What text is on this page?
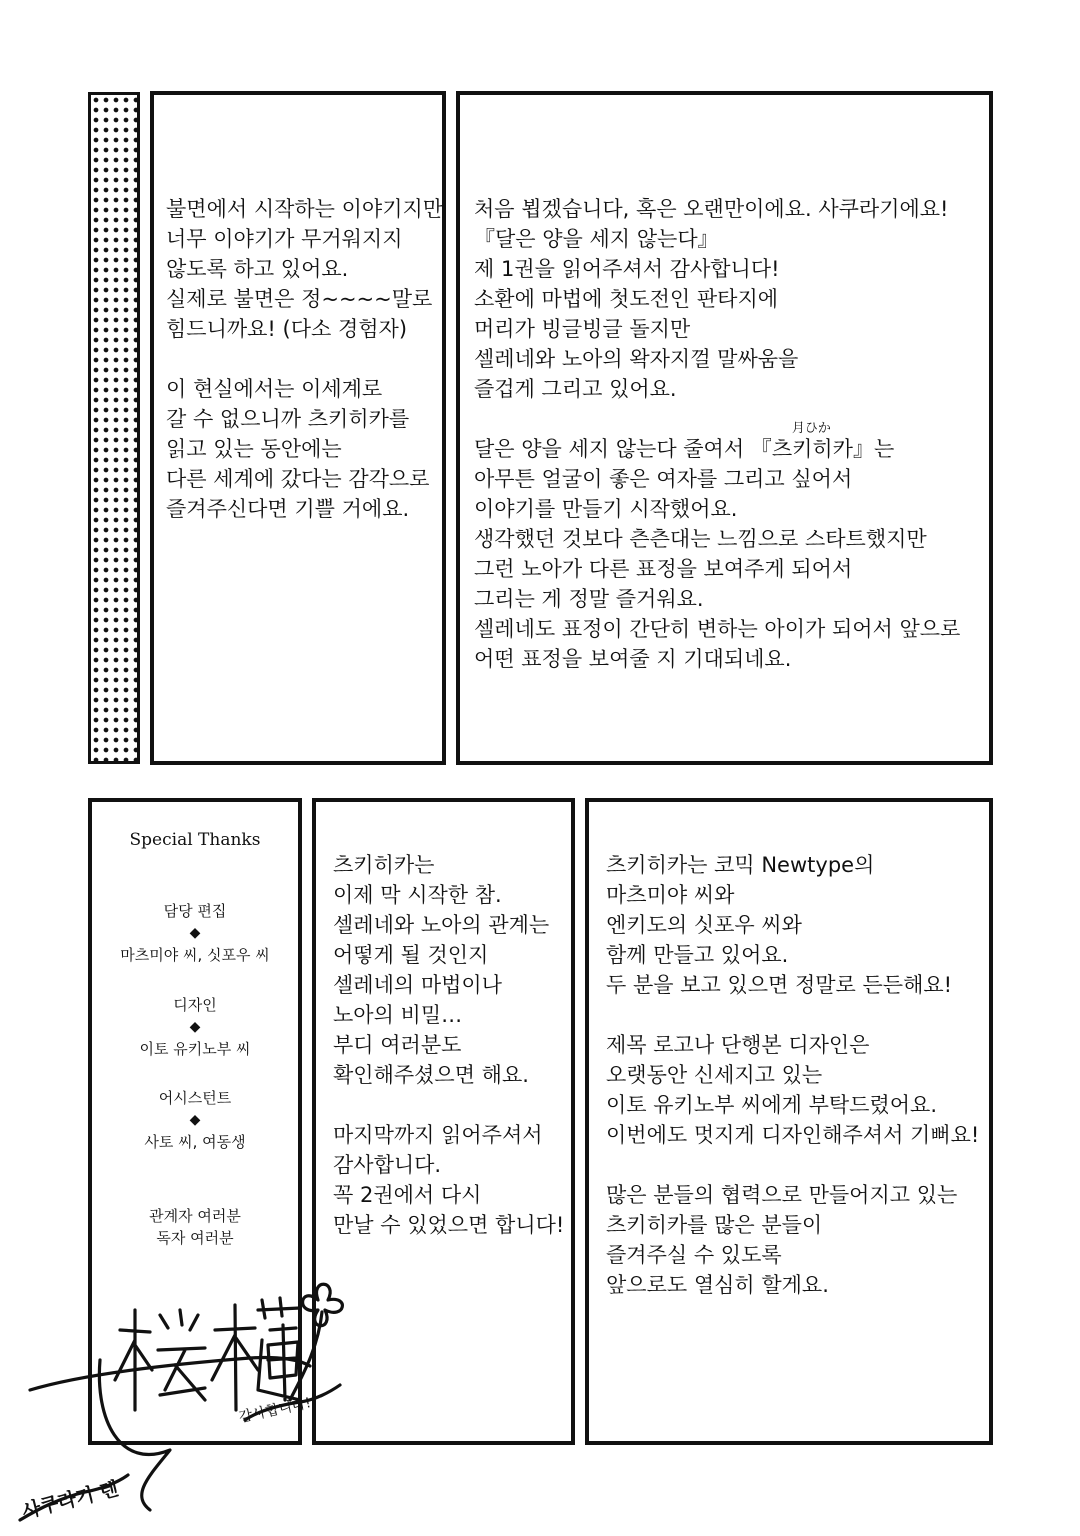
불면에서 시작하는 이야기지만
너무 이야기가 무거워지지
않도록 하고 있어요.
실제로 불면은 정~~~~말로
힘드니까요! (다소 경험자)
이 현실에서는 이세계로
갈 수 없으니까 츠키히카를
읽고 있는 동안에는
다른 세계에 갔다는 감각으로
즐겨주신다면 기쁠 거에요.
처음 뵙겠습니다, 혹은 오랜만이에요. 사쿠라기에요!
『달은 양을 세지 않는다』
제 1권을 읽어주셔서 감사합니다!
소환에 마법에 첫도전인 판타지에
머리가 빙글빙글 돌지만
셀레네와 노아의 왁자지껄 말싸움을
즐겁게 그리고 있어요.
달은 양을 세지 않는다 줄여서 『
月ひか
츠키히카』는
아무튼 얼굴이 좋은 여자를 그리고 싶어서
이야기를 만들기 시작했어요.
생각했던 것보다 츤츤대는 느낌으로 스타트했지만
그런 노아가 다른 표정을 보여주게 되어서
그리는 게 정말 즐거워요.
셀레네도 표정이 간단히 변하는 아이가 되어서 앞으로
어떤 표정을 보여줄 지 기대되네요.
Special Thanks
담당 편집
◆
마츠미야 씨, 싯포우 씨
디자인
◆
이토 유키노부 씨
어시스턴트
◆
사토 씨, 여동생
관계자 여러분
독자 여러분
츠키히카는
이제 막 시작한 참.
셀레네와 노아의 관계는
어떻게 될 것인지
셀레네의 마법이나
노아의 비밀…
부디 여러분도
확인해주셨으면 해요.
마지막까지 읽어주셔서
감사합니다.
꼭 2권에서 다시
만날 수 있었으면 합니다!
츠키히카는 코믹 Newtype의
마츠미야 씨와
엔키도의 싯포우 씨와
함께 만들고 있어요.
두 분을 보고 있으면 정말로 든든해요!
제목 로고나 단행본 디자인은
오랫동안 신세지고 있는
이토 유키노부 씨에게 부탁드렸어요.
이번에도 멋지게 디자인해주셔서 기뻐요!
많은 분들의 협력으로 만들어지고 있는
츠키히카를 많은 분들이
즐겨주실 수 있도록
앞으로도 열심히 할게요.
감사합니다!
사쿠라기 렌
